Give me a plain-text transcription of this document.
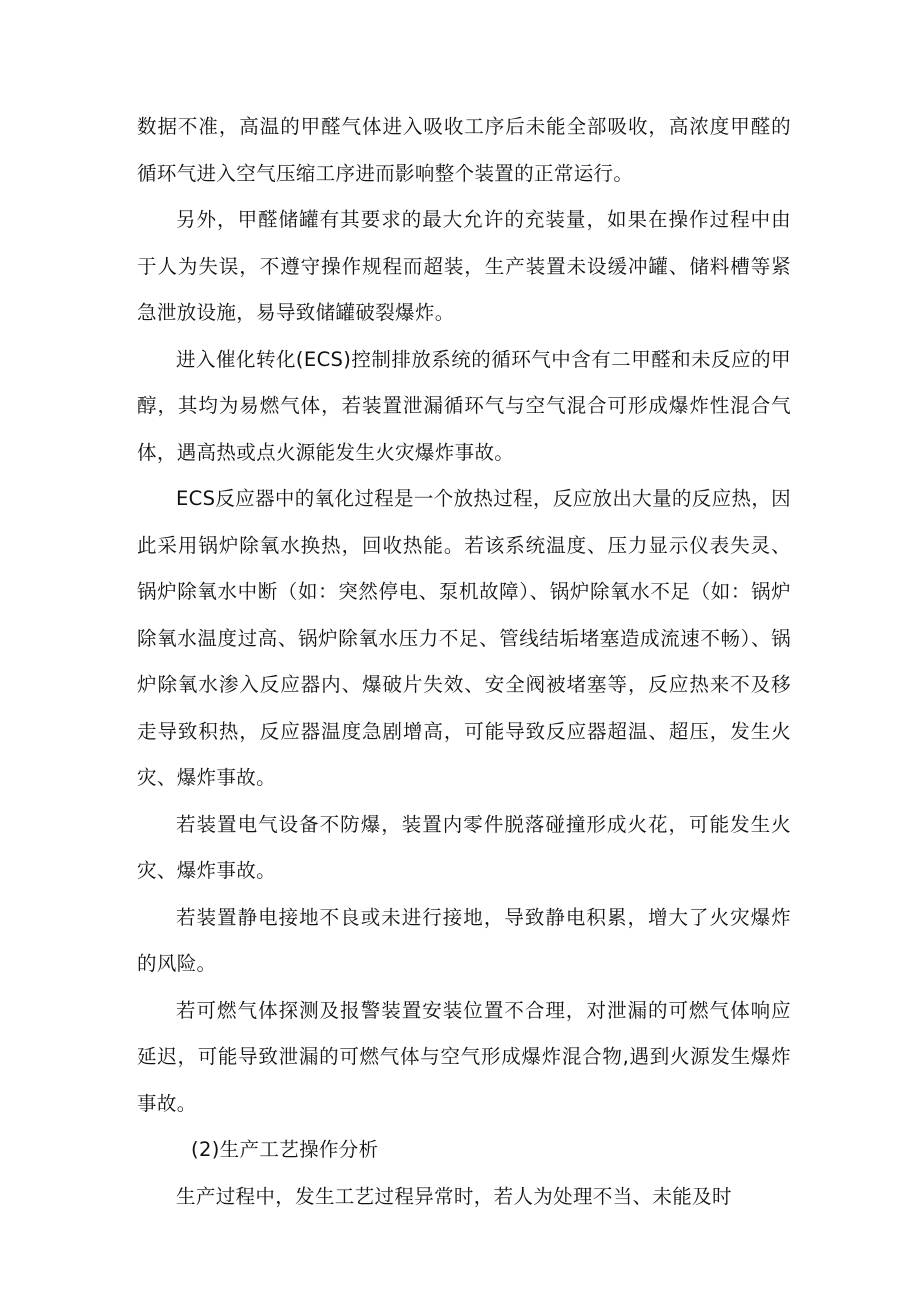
数据不准，高温的甲醛气体进入吸收工序后未能全部吸收，高浓度甲醛的循环气进入空气压缩工序进而影响整个装置的正常运行。

另外，甲醛储罐有其要求的最大允许的充装量，如果在操作过程中由于人为失误，不遵守操作规程而超装，生产装置未设缓冲罐、储料槽等紧急泄放设施，易导致储罐破裂爆炸。

进入催化转化(ECS)控制排放系统的循环气中含有二甲醛和未反应的甲醇，其均为易燃气体，若装置泄漏循环气与空气混合可形成爆炸性混合气体，遇高热或点火源能发生火灾爆炸事故。

ECS反应器中的氧化过程是一个放热过程，反应放出大量的反应热，因此采用锅炉除氧水换热，回收热能。若该系统温度、压力显示仪表失灵、锅炉除氧水中断（如：突然停电、泵机故障）、锅炉除氧水不足（如：锅炉除氧水温度过高、锅炉除氧水压力不足、管线结垢堵塞造成流速不畅）、锅炉除氧水渗入反应器内、爆破片失效、安全阀被堵塞等，反应热来不及移走导致积热，反应器温度急剧增高，可能导致反应器超温、超压，发生火灾、爆炸事故。

若装置电气设备不防爆，装置内零件脱落碰撞形成火花，可能发生火灾、爆炸事故。

若装置静电接地不良或未进行接地，导致静电积累，增大了火灾爆炸的风险。

若可燃气体探测及报警装置安装位置不合理，对泄漏的可燃气体响应延迟，可能导致泄漏的可燃气体与空气形成爆炸混合物,遇到火源发生爆炸事故。

(2)生产工艺操作分析

生产过程中，发生工艺过程异常时，若人为处理不当、未能及时
